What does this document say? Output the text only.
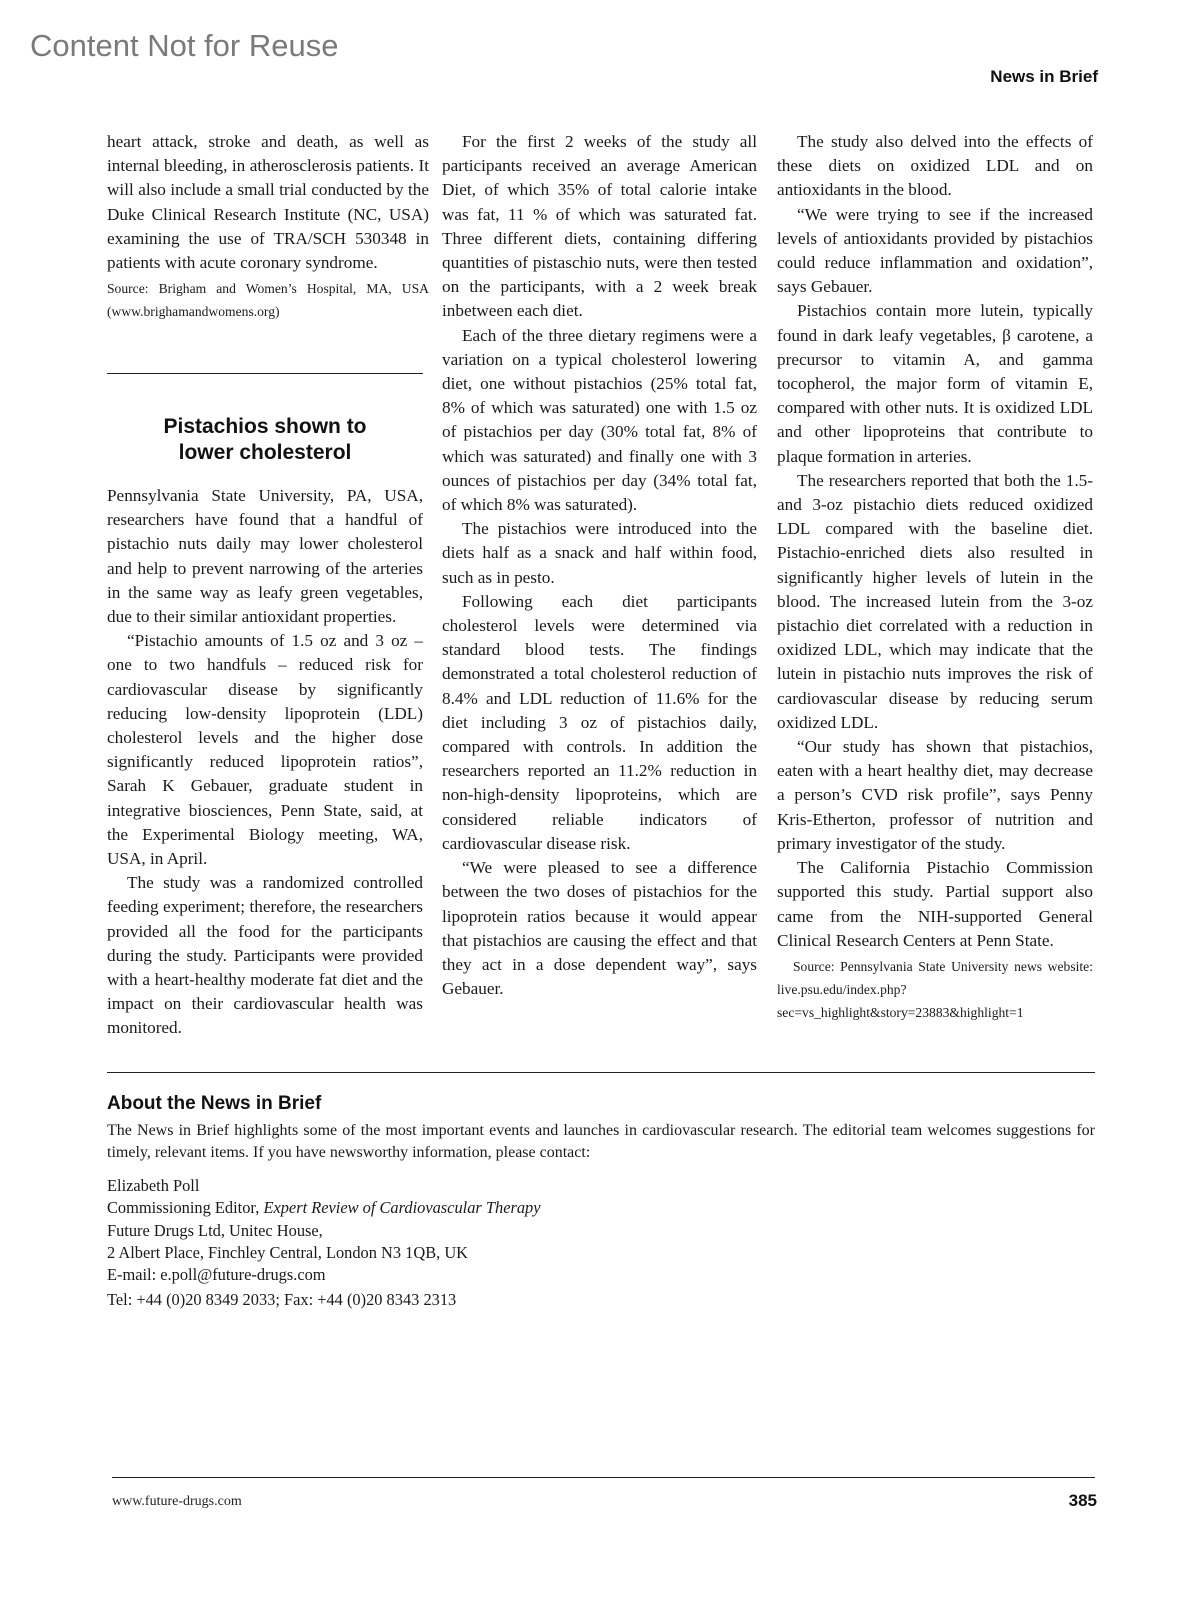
Content Not for Reuse
News in Brief

heart attack, stroke and death, as well as internal bleeding, in atherosclerosis patients. It will also include a small trial conducted by the Duke Clinical Research Institute (NC, USA) examining the use of TRA/SCH 530348 in patients with acute coronary syndrome.

Source: Brigham and Women’s Hospital, MA, USA (www.brighamandwomens.org)
Pistachios shown to
lower cholesterol

Pennsylvania State University, PA, USA, researchers have found that a handful of pistachio nuts daily may lower cholesterol and help to prevent narrowing of the arteries in the same way as leafy green vegetables, due to their similar antioxidant properties.

“Pistachio amounts of 1.5 oz and 3 oz – one to two handfuls – reduced risk for cardiovascular disease by significantly reducing low-density lipoprotein (LDL) cholesterol levels and the higher dose significantly reduced lipoprotein ratios”, Sarah K Gebauer, graduate student in integrative biosciences, Penn State, said, at the Experimental Biology meeting, WA, USA, in April.

The study was a randomized controlled feeding experiment; therefore, the researchers provided all the food for the participants during the study. Participants were provided with a heart-healthy moderate fat diet and the impact on their cardiovascular health was monitored.

For the first 2 weeks of the study all participants received an average American Diet, of which 35% of total calorie intake was fat, 11 % of which was saturated fat. Three different diets, containing differing quantities of pistaschio nuts, were then tested on the participants, with a 2 week break inbetween each diet.

Each of the three dietary regimens were a variation on a typical cholesterol lowering diet, one without pistachios (25% total fat, 8% of which was saturated) one with 1.5 oz of pistachios per day (30% total fat, 8% of which was saturated) and finally one with 3 ounces of pistachios per day (34% total fat, of which 8% was saturated).

The pistachios were introduced into the diets half as a snack and half within food, such as in pesto.

Following each diet participants cholesterol levels were determined via standard blood tests. The findings demonstrated a total cholesterol reduction of 8.4% and LDL reduction of 11.6% for the diet including 3 oz of pistachios daily, compared with controls. In addition the researchers reported an 11.2% reduction in non-high-density lipoproteins, which are considered reliable indicators of cardiovascular disease risk.

“We were pleased to see a difference between the two doses of pistachios for the lipoprotein ratios because it would appear that pistachios are causing the effect and that they act in a dose dependent way”, says Gebauer.

The study also delved into the effects of these diets on oxidized LDL and on antioxidants in the blood.

“We were trying to see if the increased levels of antioxidants provided by pistachios could reduce inflammation and oxidation”, says Gebauer.

Pistachios contain more lutein, typically found in dark leafy vegetables, β carotene, a precursor to vitamin A, and gamma tocopherol, the major form of vitamin E, compared with other nuts. It is oxidized LDL and other lipoproteins that contribute to plaque formation in arteries.

The researchers reported that both the 1.5- and 3-oz pistachio diets reduced oxidized LDL compared with the baseline diet. Pistachio-enriched diets also resulted in significantly higher levels of lutein in the blood. The increased lutein from the 3-oz pistachio diet correlated with a reduction in oxidized LDL, which may indicate that the lutein in pistachio nuts improves the risk of cardiovascular disease by reducing serum oxidized LDL.

“Our study has shown that pistachios, eaten with a heart healthy diet, may decrease a person’s CVD risk profile”, says Penny Kris-Etherton, professor of nutrition and primary investigator of the study.

The California Pistachio Commission supported this study. Partial support also came from the NIH-supported General Clinical Research Centers at Penn State.

Source: Pennsylvania State University news website: live.psu.edu/index.php?sec=vs_highlight&story=23883&highlight=1
About the News in Brief
The News in Brief highlights some of the most important events and launches in cardiovascular research. The editorial team welcomes suggestions for timely, relevant items. If you have newsworthy information, please contact:
Elizabeth Poll
Commissioning Editor, Expert Review of Cardiovascular Therapy
Future Drugs Ltd, Unitec House,
2 Albert Place, Finchley Central, London N3 1QB, UK
E-mail: e.poll@future-drugs.com
Tel: +44 (0)20 8349 2033; Fax: +44 (0)20 8343 2313
www.future-drugs.com	385
